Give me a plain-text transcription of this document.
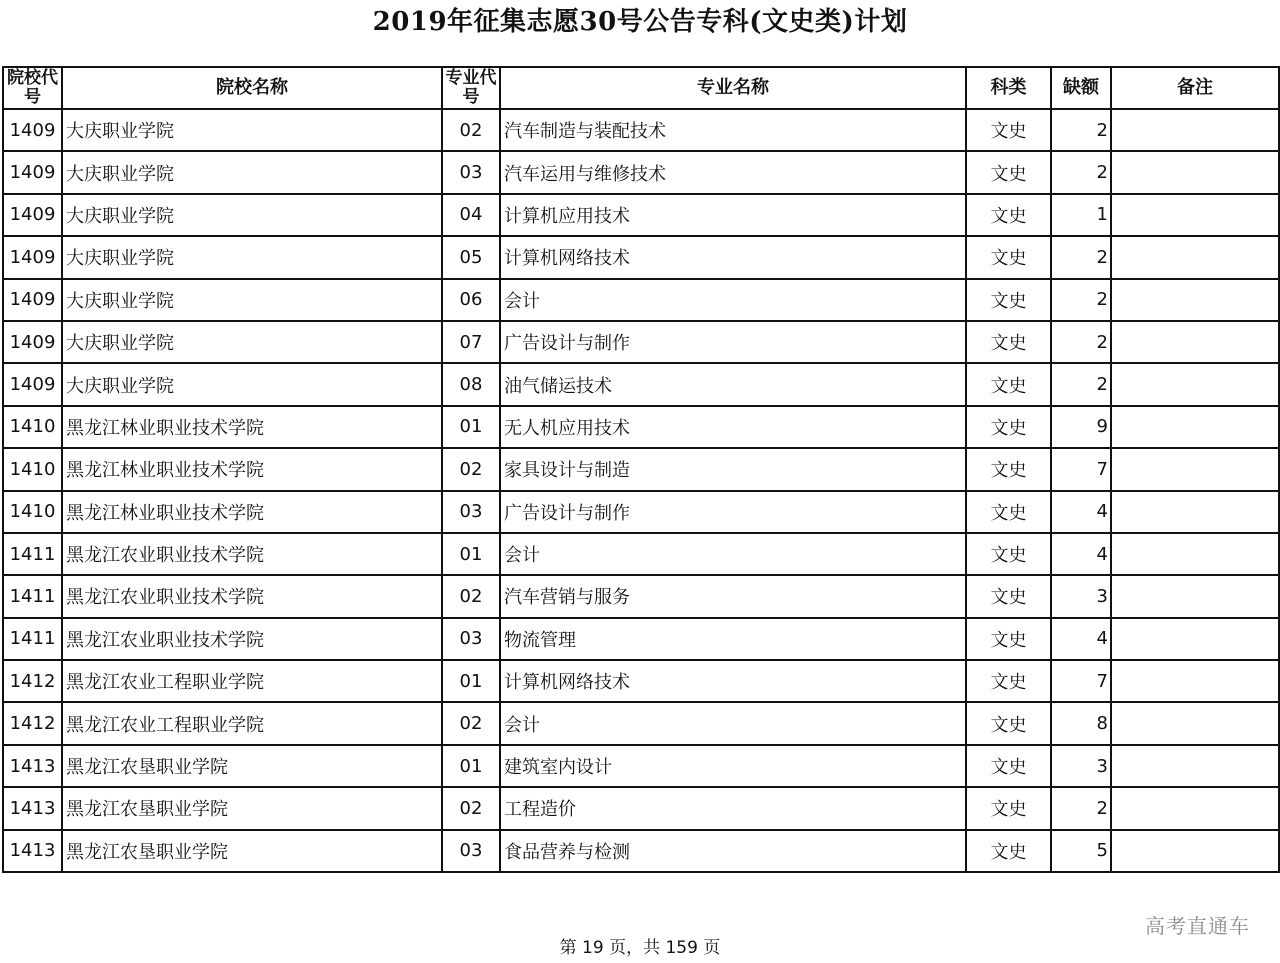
2019年征集志愿30号公告专科(文史类)计划
院校代号	院校名称	专业代号	专业名称	科类	缺额	备注
1409	大庆职业学院	02	汽车制造与装配技术	文史	2	
1409	大庆职业学院	03	汽车运用与维修技术	文史	2	
1409	大庆职业学院	04	计算机应用技术	文史	1	
1409	大庆职业学院	05	计算机网络技术	文史	2	
1409	大庆职业学院	06	会计	文史	2	
1409	大庆职业学院	07	广告设计与制作	文史	2	
1409	大庆职业学院	08	油气储运技术	文史	2	
1410	黑龙江林业职业技术学院	01	无人机应用技术	文史	9	
1410	黑龙江林业职业技术学院	02	家具设计与制造	文史	7	
1410	黑龙江林业职业技术学院	03	广告设计与制作	文史	4	
1411	黑龙江农业职业技术学院	01	会计	文史	4	
1411	黑龙江农业职业技术学院	02	汽车营销与服务	文史	3	
1411	黑龙江农业职业技术学院	03	物流管理	文史	4	
1412	黑龙江农业工程职业学院	01	计算机网络技术	文史	7	
1412	黑龙江农业工程职业学院	02	会计	文史	8	
1413	黑龙江农垦职业学院	01	建筑室内设计	文史	3	
1413	黑龙江农垦职业学院	02	工程造价	文史	2	
1413	黑龙江农垦职业学院	03	食品营养与检测	文史	5	
高考直通车
第 19 页，共 159 页
